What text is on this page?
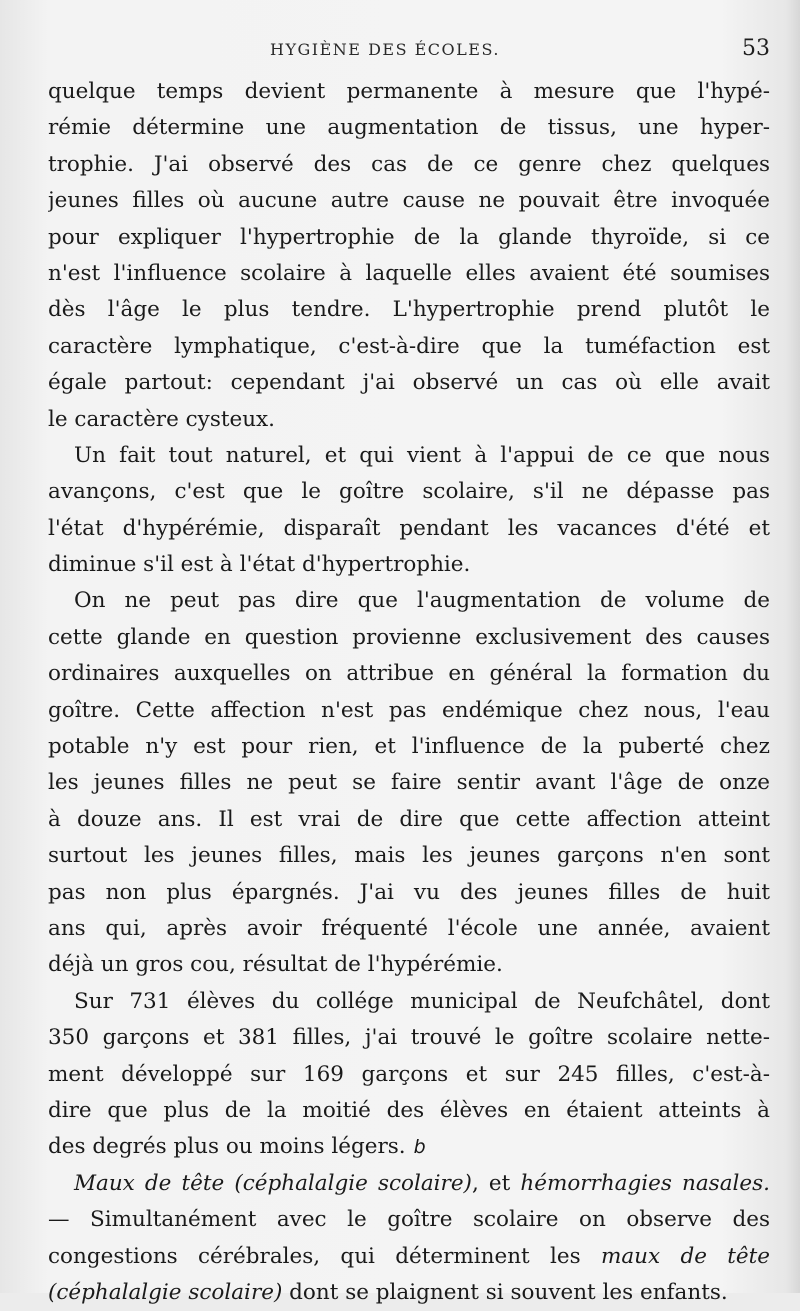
HYGIÈNE DES ÉCOLES.	53
quelque temps devient permanente à mesure que l'hypé-
rémie détermine une augmentation de tissus, une hyper-
trophie. J'ai observé des cas de ce genre chez quelques
jeunes filles où aucune autre cause ne pouvait être invoquée
pour expliquer l'hypertrophie de la glande thyroïde, si ce
n'est l'influence scolaire à laquelle elles avaient été soumises
dès l'âge le plus tendre. L'hypertrophie prend plutôt le
caractère lymphatique, c'est-à-dire que la tuméfaction est
égale partout: cependant j'ai observé un cas où elle avait
le caractère cysteux.
Un fait tout naturel, et qui vient à l'appui de ce que nous
avançons, c'est que le goître scolaire, s'il ne dépasse pas
l'état d'hypérémie, disparaît pendant les vacances d'été et
diminue s'il est à l'état d'hypertrophie.
On ne peut pas dire que l'augmentation de volume de
cette glande en question provienne exclusivement des causes
ordinaires auxquelles on attribue en général la formation du
goître. Cette affection n'est pas endémique chez nous, l'eau
potable n'y est pour rien, et l'influence de la puberté chez
les jeunes filles ne peut se faire sentir avant l'âge de onze
à douze ans. Il est vrai de dire que cette affection atteint
surtout les jeunes filles, mais les jeunes garçons n'en sont
pas non plus épargnés. J'ai vu des jeunes filles de huit
ans qui, après avoir fréquenté l'école une année, avaient
déjà un gros cou, résultat de l'hypérémie.
Sur 731 élèves du collége municipal de Neufchâtel, dont
350 garçons et 381 filles, j'ai trouvé le goître scolaire nette-
ment développé sur 169 garçons et sur 245 filles, c'est-à-
dire que plus de la moitié des élèves en étaient atteints à
des degrés plus ou moins légers. b
Maux de tête (céphalalgie scolaire), et hémorrhagies nasales.
— Simultanément avec le goître scolaire on observe des
congestions cérébrales, qui déterminent les maux de tête
(céphalalgie scolaire) dont se plaignent si souvent les enfants.
